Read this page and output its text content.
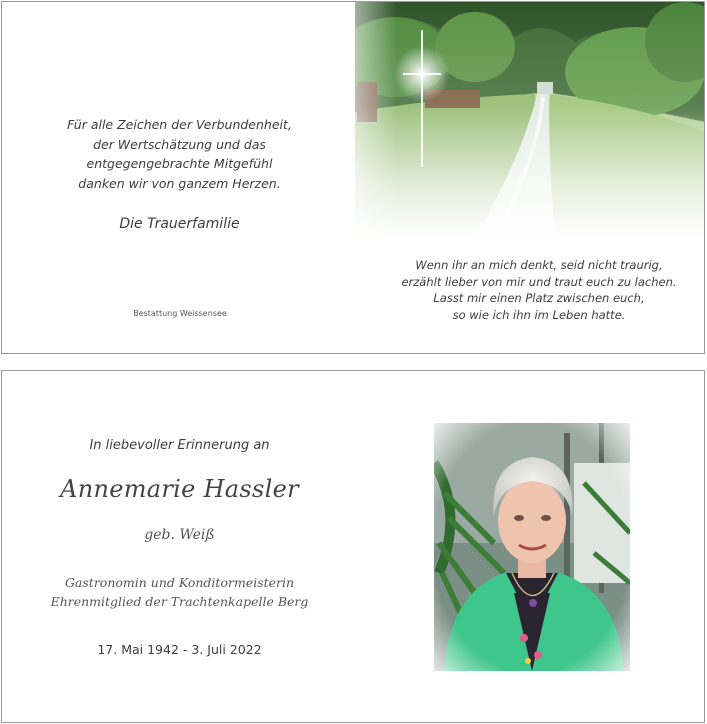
Für alle Zeichen der Verbundenheit,
der Wertschätzung und das
entgegengebrachte Mitgefühl
danken wir von ganzem Herzen.
Die Trauerfamilie
Bestattung Weissensee
Wenn ihr an mich denkt, seid nicht traurig,
erzählt lieber von mir und traut euch zu lachen.
Lasst mir einen Platz zwischen euch,
so wie ich ihn im Leben hatte.
In liebevoller Erinnerung an
Annemarie Hassler
geb. Weiß
Gastronomin und Konditormeisterin
Ehrenmitglied der Trachtenkapelle Berg
17. Mai 1942 - 3. Juli 2022
